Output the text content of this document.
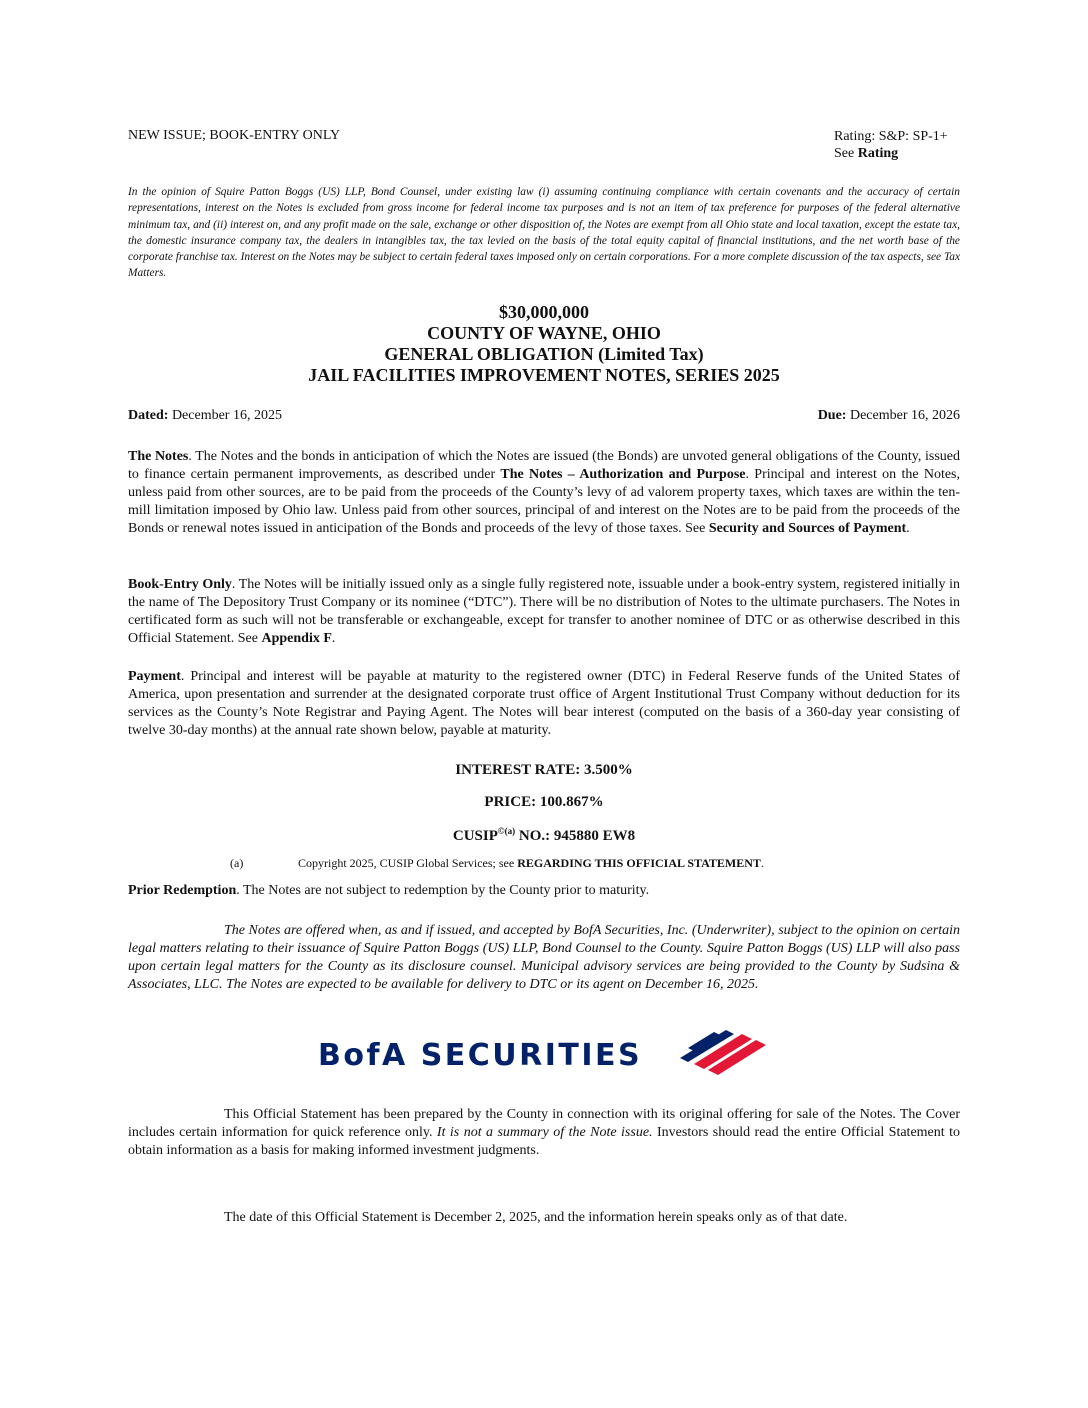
NEW ISSUE; BOOK-ENTRY ONLY	Rating: S&P: SP-1+
See Rating

In the opinion of Squire Patton Boggs (US) LLP, Bond Counsel, under existing law (i) assuming continuing compliance with certain covenants and the accuracy of certain representations, interest on the Notes is excluded from gross income for federal income tax purposes and is not an item of tax preference for purposes of the federal alternative minimum tax, and (ii) interest on, and any profit made on the sale, exchange or other disposition of, the Notes are exempt from all Ohio state and local taxation, except the estate tax, the domestic insurance company tax, the dealers in intangibles tax, the tax levied on the basis of the total equity capital of financial institutions, and the net worth base of the corporate franchise tax. Interest on the Notes may be subject to certain federal taxes imposed only on certain corporations. For a more complete discussion of the tax aspects, see Tax Matters.

$30,000,000
COUNTY OF WAYNE, OHIO
GENERAL OBLIGATION (Limited Tax)
JAIL FACILITIES IMPROVEMENT NOTES, SERIES 2025
Dated: December 16, 2025	Due: December 16, 2026

The Notes. The Notes and the bonds in anticipation of which the Notes are issued (the Bonds) are unvoted general obligations of the County, issued to finance certain permanent improvements, as described under The Notes – Authorization and Purpose. Principal and interest on the Notes, unless paid from other sources, are to be paid from the proceeds of the County’s levy of ad valorem property taxes, which taxes are within the ten-mill limitation imposed by Ohio law. Unless paid from other sources, principal of and interest on the Notes are to be paid from the proceeds of the Bonds or renewal notes issued in anticipation of the Bonds and proceeds of the levy of those taxes. See Security and Sources of Payment.

Book-Entry Only. The Notes will be initially issued only as a single fully registered note, issuable under a book-entry system, registered initially in the name of The Depository Trust Company or its nominee (“DTC”). There will be no distribution of Notes to the ultimate purchasers. The Notes in certificated form as such will not be transferable or exchangeable, except for transfer to another nominee of DTC or as otherwise described in this Official Statement. See Appendix F.

Payment. Principal and interest will be payable at maturity to the registered owner (DTC) in Federal Reserve funds of the United States of America, upon presentation and surrender at the designated corporate trust office of Argent Institutional Trust Company without deduction for its services as the County’s Note Registrar and Paying Agent. The Notes will bear interest (computed on the basis of a 360-day year consisting of twelve 30-day months) at the annual rate shown below, payable at maturity.

INTEREST RATE: 3.500%
PRICE: 100.867%
$CUSIP^{©(a)}$ NO.: 945880 EW8
(a)	Copyright 2025, CUSIP Global Services; see REGARDING THIS OFFICIAL STATEMENT.

Prior Redemption. The Notes are not subject to redemption by the County prior to maturity.

The Notes are offered when, as and if issued, and accepted by BofA Securities, Inc. (Underwriter), subject to the opinion on certain legal matters relating to their issuance of Squire Patton Boggs (US) LLP, Bond Counsel to the County. Squire Patton Boggs (US) LLP will also pass upon certain legal matters for the County as its disclosure counsel. Municipal advisory services are being provided to the County by Sudsina & Associates, LLC. The Notes are expected to be available for delivery to DTC or its agent on December 16, 2025.

BofA SECURITIES

This Official Statement has been prepared by the County in connection with its original offering for sale of the Notes. The Cover includes certain information for quick reference only. It is not a summary of the Note issue. Investors should read the entire Official Statement to obtain information as a basis for making informed investment judgments.

The date of this Official Statement is December 2, 2025, and the information herein speaks only as of that date.
